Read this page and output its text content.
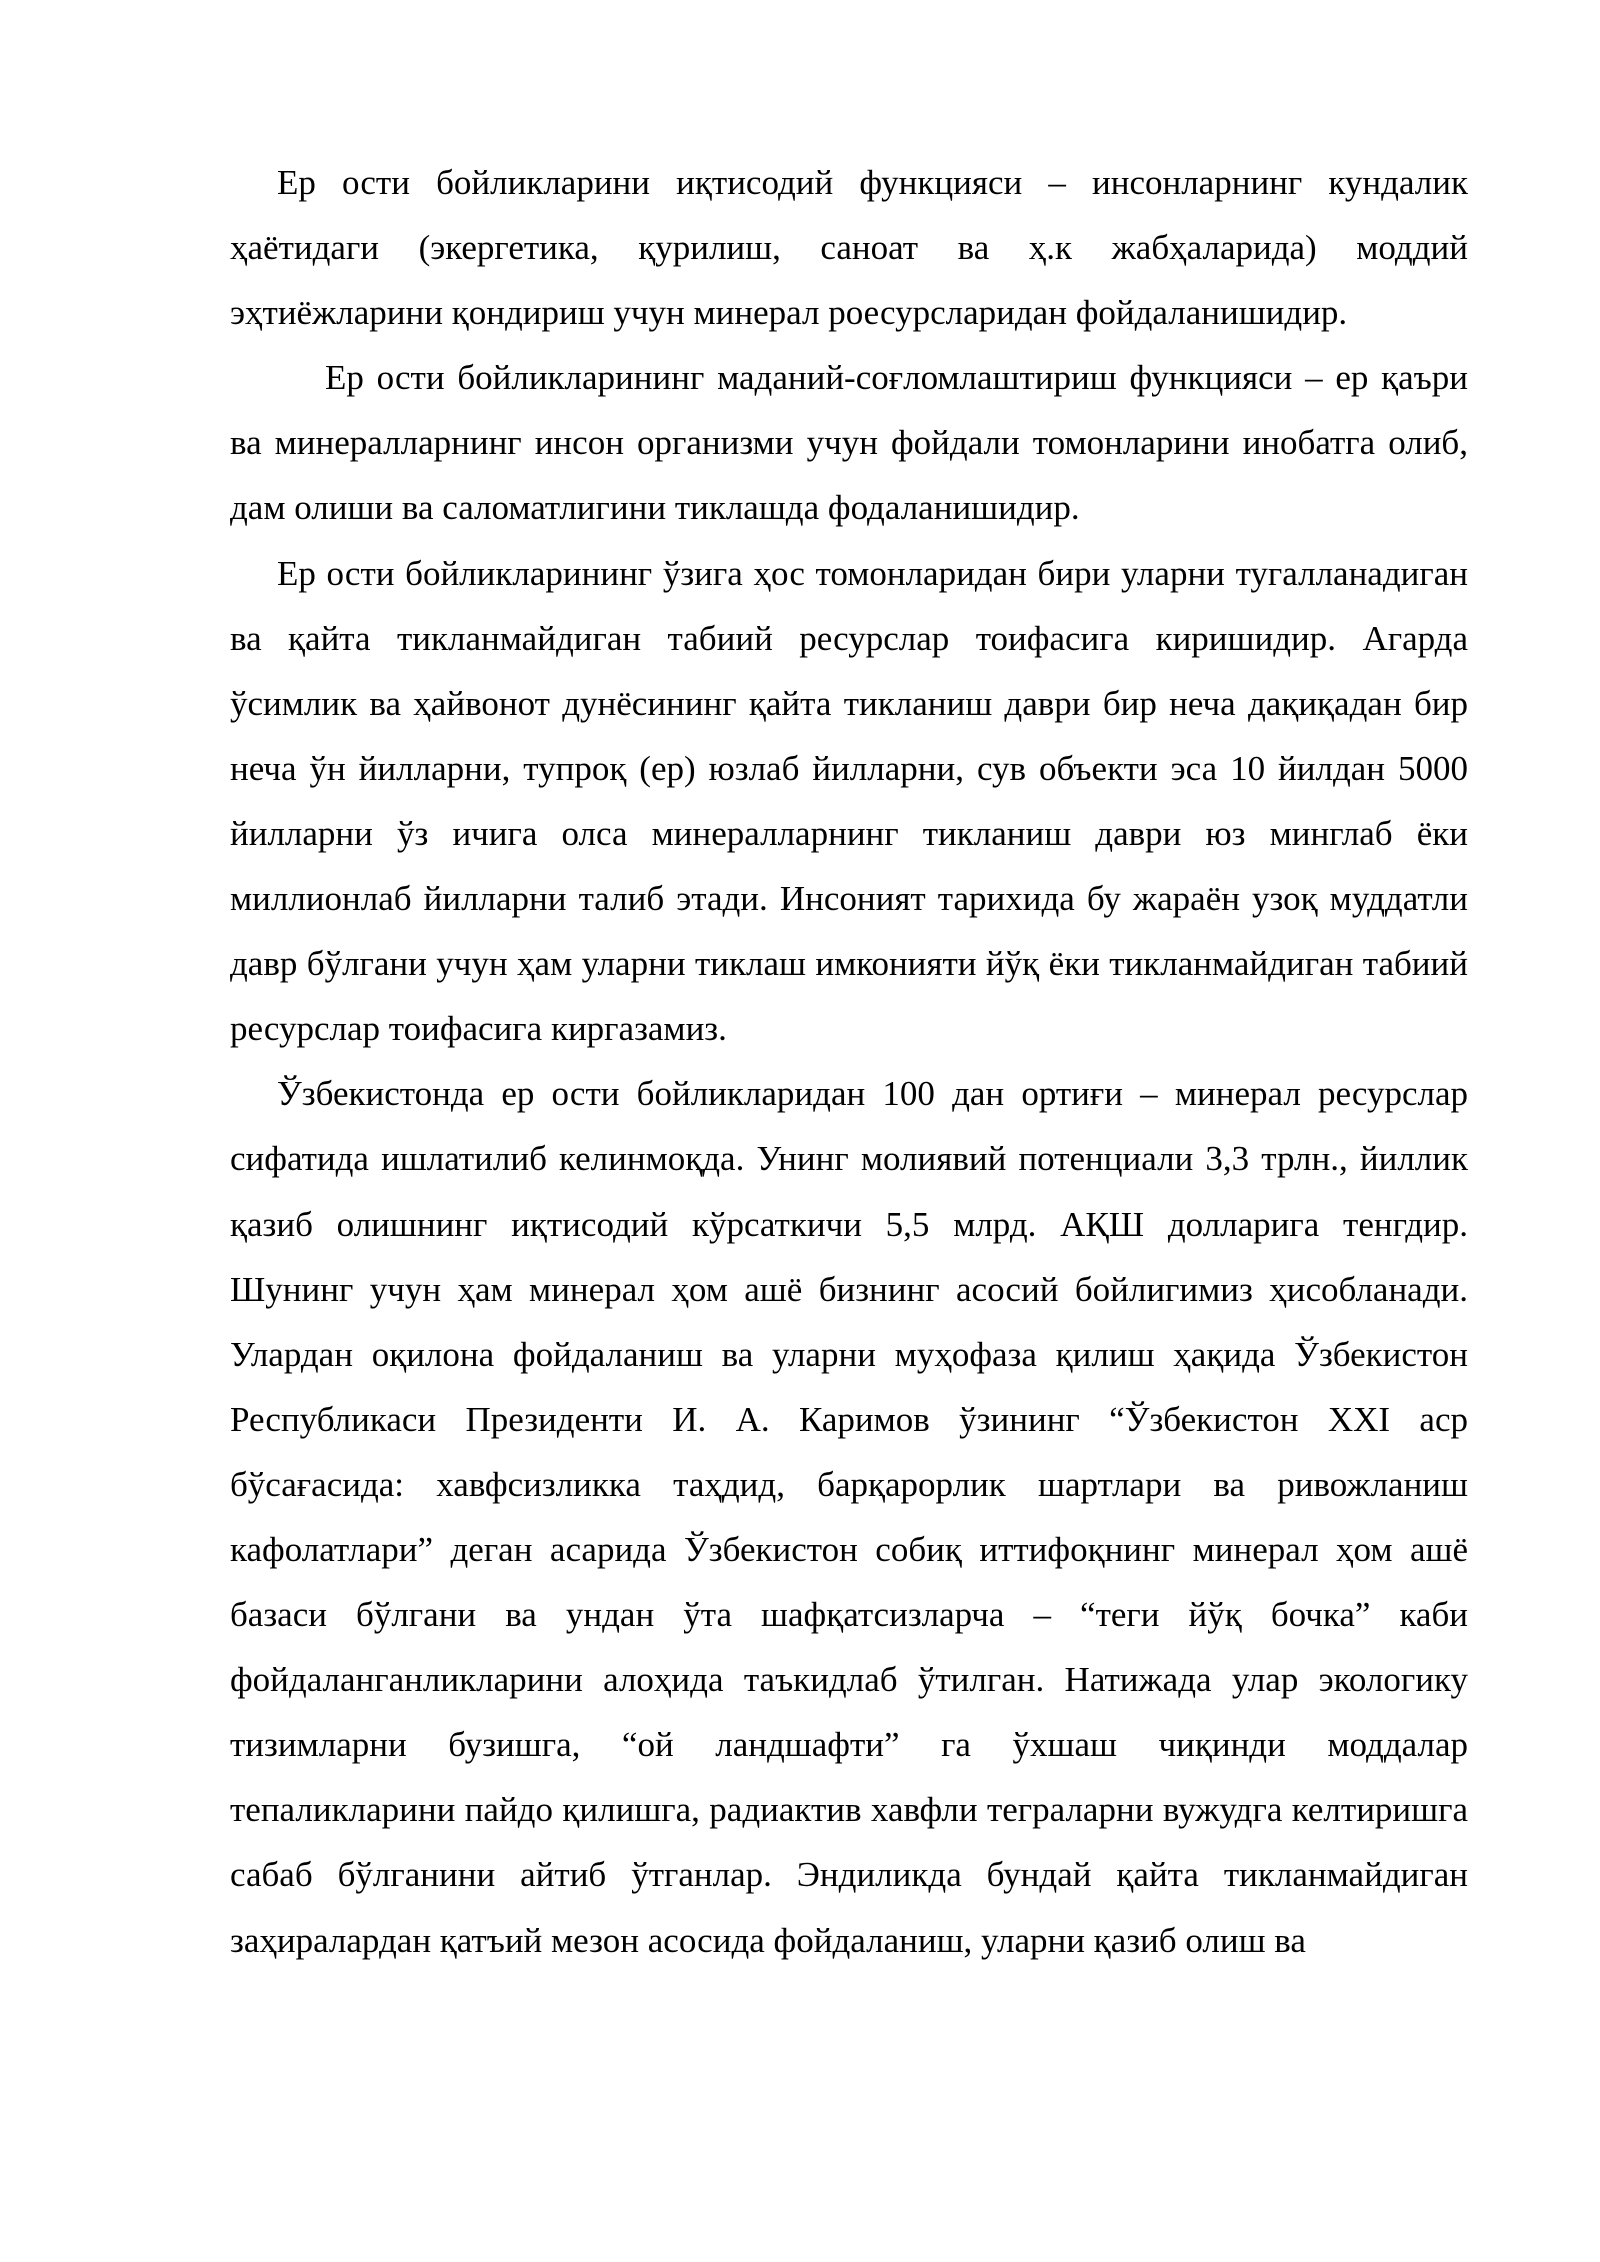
Ер ости бойликларини иқтисодий функцияси – инсонларнинг кундалик ҳаётидаги (экергетика, қурилиш, саноат ва ҳ.к жабҳаларида) моддий эҳтиёжларини қондириш учун минерал роесурсларидан фойдаланишидир.

Ер ости бойликларининг маданий-соғломлаштириш функцияси – ер қаъри ва минералларнинг инсон организми учун фойдали томонларини инобатга олиб, дам олиши ва саломатлигини тиклашда фодаланишидир.

Ер ости бойликларининг ўзига ҳос томонларидан бири уларни тугалланадиган ва қайта тикланмайдиган табиий ресурслар тоифасига киришидир. Агарда ўсимлик ва ҳайвонот дунёсининг қайта тикланиш даври бир неча дақиқадан бир неча ўн йилларни, тупроқ (ер) юзлаб йилларни, сув объекти эса 10 йилдан 5000 йилларни ўз ичига олса минералларнинг тикланиш даври юз минглаб ёки миллионлаб йилларни талиб этади. Инсоният тарихида бу жараён узоқ муддатли давр бўлгани учун ҳам уларни тиклаш имконияти йўқ ёки тикланмайдиган табиий ресурслар тоифасига киргазамиз.

Ўзбекистонда ер ости бойликларидан 100 дан ортиғи – минерал ресурслар сифатида ишлатилиб келинмоқда. Унинг молиявий потенциали 3,3 трлн., йиллик қазиб олишнинг иқтисодий кўрсаткичи 5,5 млрд. АҚШ долларига тенгдир. Шунинг учун ҳам минерал ҳом ашё бизнинг асосий бойлигимиз ҳисобланади. Улардан оқилона фойдаланиш ва уларни муҳофаза қилиш ҳақида Ўзбекистон Республикаси Президенти И. А. Каримов ўзининг “Ўзбекистон XXI аср бўсағасида: хавфсизликка таҳдид, барқарорлик шартлари ва ривожланиш кафолатлари” деган асарида Ўзбекистон собиқ иттифоқнинг минерал ҳом ашё базаси бўлгани ва ундан ўта шафқатсизларча – “теги йўқ бочка” каби фойдаланганликларини алоҳида таъкидлаб ўтилган. Натижада улар экологику тизимларни бузишга, “ой ландшафти” га ўхшаш чиқинди моддалар тепаликларини пайдо қилишга, радиактив хавфли теграларни вужудга келтиришга сабаб бўлганини айтиб ўтганлар. Эндиликда бундай қайта тикланмайдиган заҳиралардан қатъий мезон асосида фойдаланиш, уларни қазиб олиш ва
